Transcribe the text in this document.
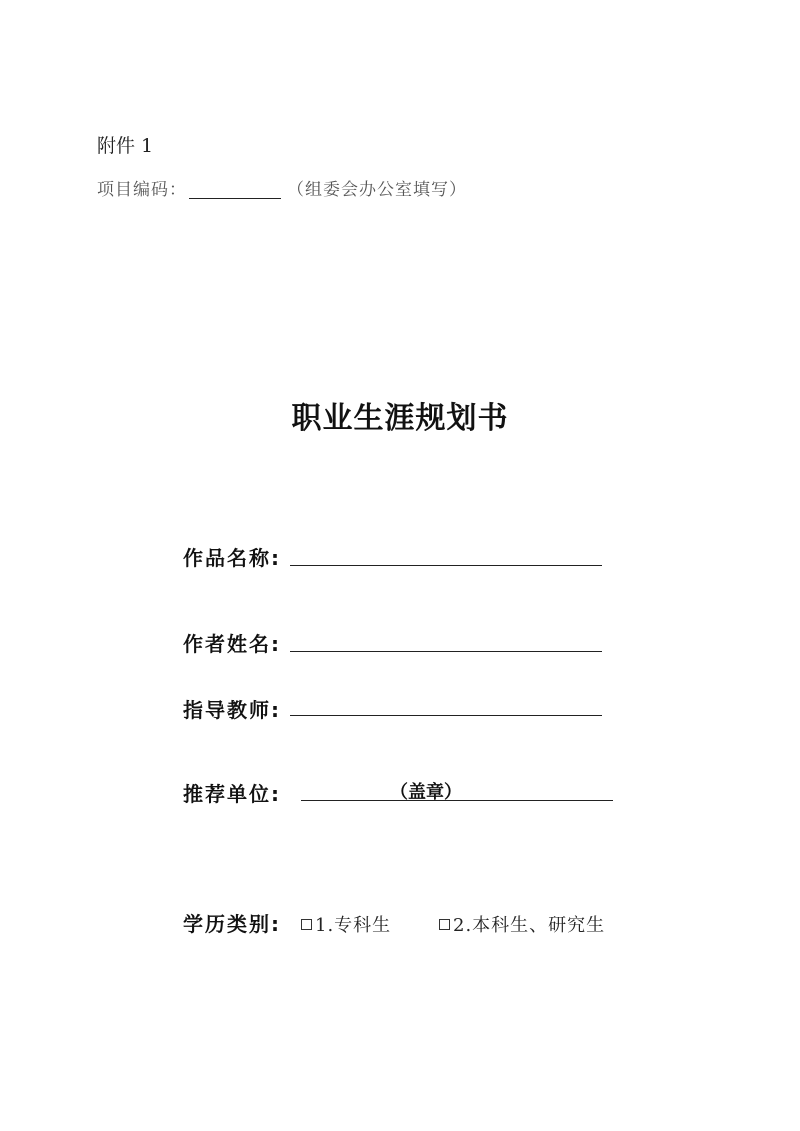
附件 1
项目编码：	（组委会办公室填写）
职业生涯规划书
作品名称:
作者姓名:
指导教师:
推荐单位:	（盖章）
学历类别:	1.专科生	2.本科生、研究生
